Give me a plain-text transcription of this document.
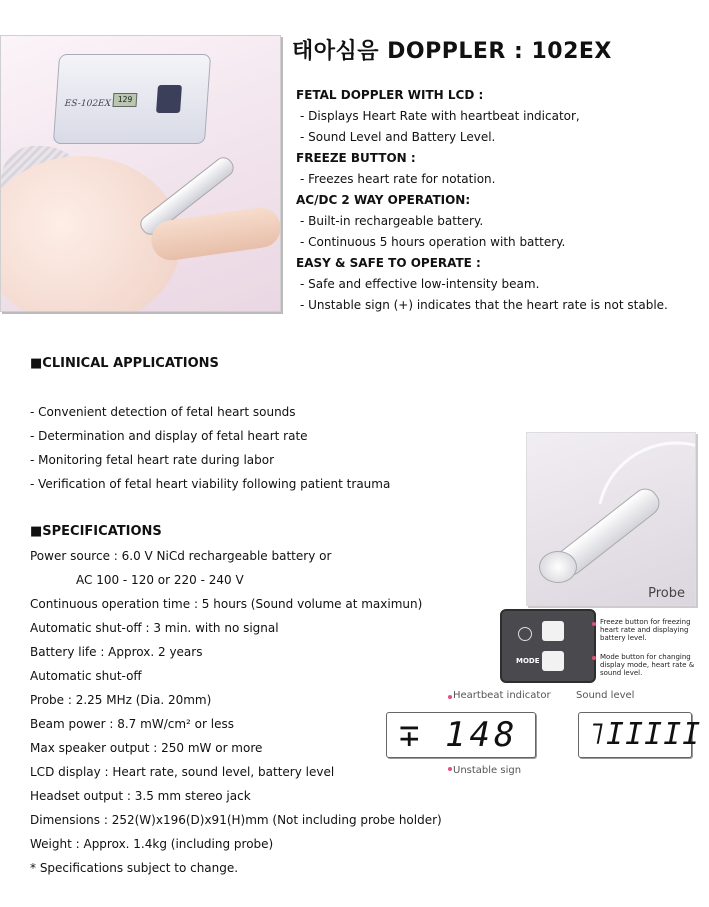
ES-102EX 129
태아심음 DOPPLER : 102EX
FETAL DOPPLER WITH LCD :
- Displays Heart Rate with heartbeat indicator,
- Sound Level and Battery Level.
FREEZE BUTTON :
- Freezes heart rate for notation.
AC/DC 2 WAY OPERATION:
- Built-in rechargeable battery.
- Continuous 5 hours operation with battery.
EASY & SAFE TO OPERATE :
- Safe and effective low-intensity beam.
- Unstable sign (+) indicates that the heart rate is not stable.
■CLINICAL APPLICATIONS
- Convenient detection of fetal heart sounds
- Determination and display of fetal heart rate
- Monitoring fetal heart rate during labor
- Verification of fetal heart viability following patient trauma
■SPECIFICATIONS
Power source : 6.0 V NiCd rechargeable battery or
AC 100 - 120 or 220 - 240 V
Continuous operation time : 5 hours (Sound volume at maximun)
Automatic shut-off : 3 min. with no signal
Battery life : Approx. 2 years
Automatic shut-off
Probe : 2.25 MHz (Dia. 20mm)
Beam power : 8.7 mW/cm² or less
Max speaker output : 250 mW or more
LCD display : Heart rate, sound level, battery level
Headset output : 3.5 mm stereo jack
Dimensions : 252(W)x196(D)x91(H)mm (Not including probe holder)
Weight : Approx. 1.4kg (including probe)
* Specifications subject to change.
Probe
MODE
Freeze button for freezing heart rate and displaying battery level.
Mode button for changing display mode, heart rate & sound level.
Heartbeat indicator
∓ 148
Unstable sign
Sound level
˥IIIII
